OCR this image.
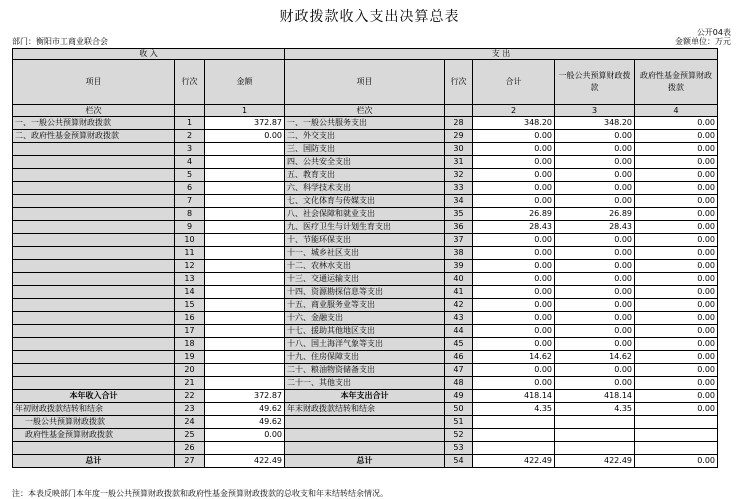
财政拨款收入支出决算总表
公开04表
部门：衡阳市工商业联合会	金额单位：万元
收 入			支 出				
项目	行次	金额	项目	行次	合计	一般公共预算财政拨款	政府性基金预算财政拨款
栏次		1	栏次		2	3	4
一、一般公共预算财政拨款	1	372.87	一、一般公共服务支出	28	348.20	348.20	0.00
二、政府性基金预算财政拨款	2	0.00	二、外交支出	29	0.00	0.00	0.00
	3		三、国防支出	30	0.00	0.00	0.00
	4		四、公共安全支出	31	0.00	0.00	0.00
	5		五、教育支出	32	0.00	0.00	0.00
	6		六、科学技术支出	33	0.00	0.00	0.00
	7		七、文化体育与传媒支出	34	0.00	0.00	0.00
	8		八、社会保障和就业支出	35	26.89	26.89	0.00
	9		九、医疗卫生与计划生育支出	36	28.43	28.43	0.00
	10		十、节能环保支出	37	0.00	0.00	0.00
	11		十一、城乡社区支出	38	0.00	0.00	0.00
	12		十二、农林水支出	39	0.00	0.00	0.00
	13		十三、交通运输支出	40	0.00	0.00	0.00
	14		十四、资源勘探信息等支出	41	0.00	0.00	0.00
	15		十五、商业服务业等支出	42	0.00	0.00	0.00
	16		十六、金融支出	43	0.00	0.00	0.00
	17		十七、援助其他地区支出	44	0.00	0.00	0.00
	18		十八、国土海洋气象等支出	45	0.00	0.00	0.00
	19		十九、住房保障支出	46	14.62	14.62	0.00
	20		二十、粮油物资储备支出	47	0.00	0.00	0.00
	21		二十一、其他支出	48	0.00	0.00	0.00
本年收入合计	22	372.87	本年支出合计	49	418.14	418.14	0.00
年初财政拨款结转和结余	23	49.62	年末财政拨款结转和结余	50	4.35	4.35	0.00
一般公共预算财政拨款	24	49.62		51			
政府性基金预算财政拨款	25	0.00		52			
	26			53			
总计	27	422.49	总计	54	422.49	422.49	0.00
注：本表反映部门本年度一般公共预算财政拨款和政府性基金预算财政拨款的总收支和年末结转结余情况。
